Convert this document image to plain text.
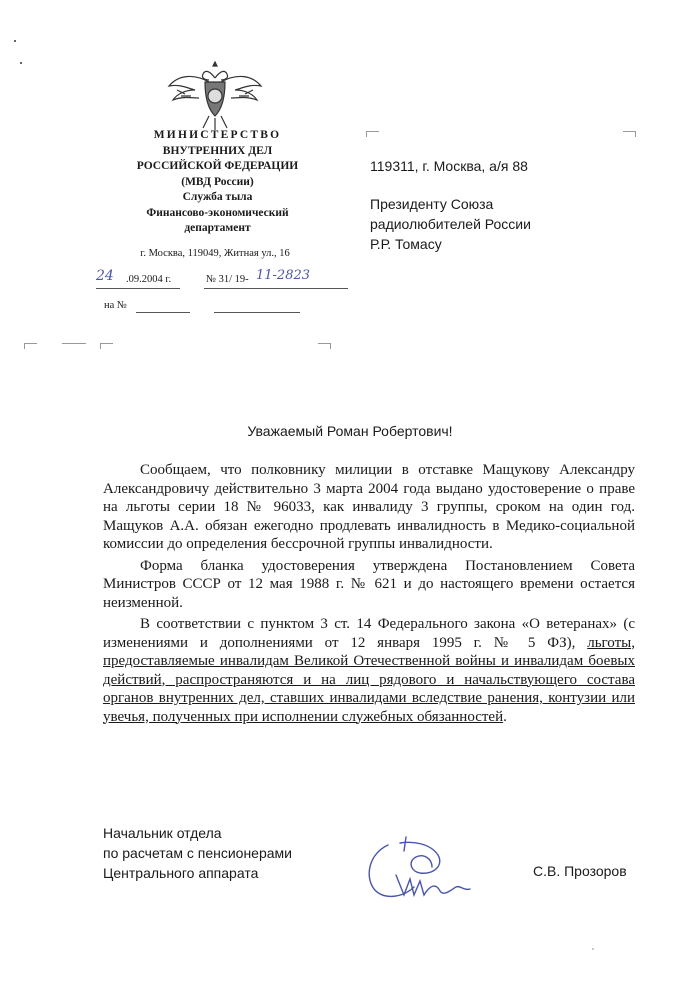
МИНИСТЕРСТВО
ВНУТРЕННИХ ДЕЛ
РОССИЙСКОЙ ФЕДЕРАЦИИ
(МВД России)
Служба тыла
Финансово-экономический
департамент
г. Москва, 119049, Житная ул., 16
24 .09.2004 г.	№ 31/ 19- 11-2823
на №
119311, г. Москва, а/я 88
Президенту Союза
радиолюбителей России
Р.Р. Томасу
Уважаемый Роман Робертович!

Сообщаем, что полковнику милиции в отставке Мащукову Александру Александровичу действительно 3 марта 2004 года выдано удостоверение о праве на льготы серии 18 № 96033, как инвалиду 3 группы, сроком на один год. Мащуков А.А. обязан ежегодно продлевать инвалидность в Медико-социальной комиссии до определения бессрочной группы инвалидности.

Форма бланка удостоверения утверждена Постановлением Совета Министров СССР от 12 мая 1988 г. № 621 и до настоящего времени остается неизменной.

В соответствии с пунктом 3 ст. 14 Федерального закона «О ветеранах» (с изменениями и дополнениями от 12 января 1995 г. № 5 ФЗ), льготы, предоставляемые инвалидам Великой Отечественной войны и инвалидам боевых действий, распространяются и на лиц рядового и начальствующего состава органов внутренних дел, ставших инвалидами вследствие ранения, контузии или увечья, полученных при исполнении служебных обязанностей.

Начальник отдела
по расчетам с пенсионерами
Центрального аппарата	С.В. Прозоров
